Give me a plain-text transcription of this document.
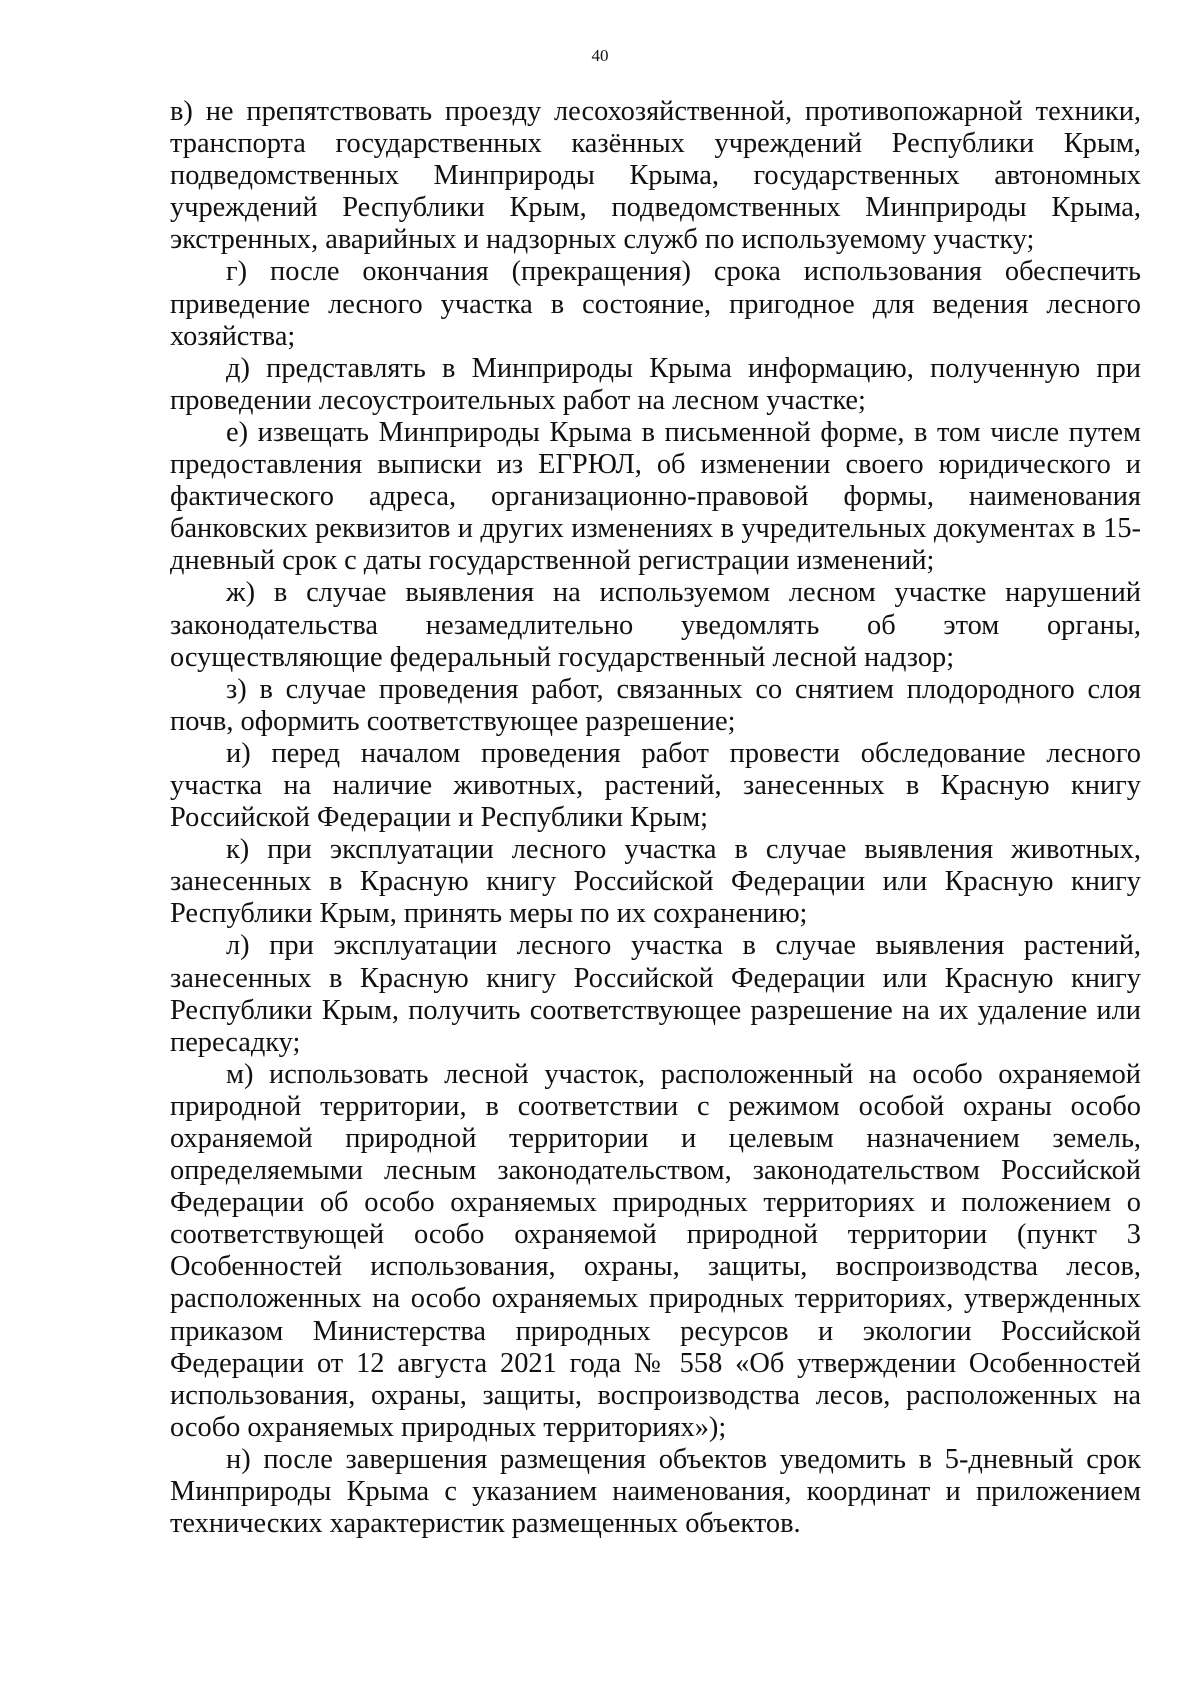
40

в) не препятствовать проезду лесохозяйственной, противопожарной техники, транспорта государственных казённых учреждений Республики Крым, подведомственных Минприроды Крыма, государственных автономных учреждений Республики Крым, подведомственных Минприроды Крыма, экстренных, аварийных и надзорных служб по используемому участку;

г) после окончания (прекращения) срока использования обеспечить приведение лесного участка в состояние, пригодное для ведения лесного хозяйства;

д) представлять в Минприроды Крыма информацию, полученную при проведении лесоустроительных работ на лесном участке;

е) извещать Минприроды Крыма в письменной форме, в том числе путем предоставления выписки из ЕГРЮЛ, об изменении своего юридического и фактического адреса, организационно-правовой формы, наименования банковских реквизитов и других изменениях в учредительных документах в 15-дневный срок с даты государственной регистрации изменений;

ж) в случае выявления на используемом лесном участке нарушений законодательства незамедлительно уведомлять об этом органы, осуществляющие федеральный государственный лесной надзор;

з) в случае проведения работ, связанных со снятием плодородного слоя почв, оформить соответствующее разрешение;

и) перед началом проведения работ провести обследование лесного участка на наличие животных, растений, занесенных в Красную книгу Российской Федерации и Республики Крым;

к) при эксплуатации лесного участка в случае выявления животных, занесенных в Красную книгу Российской Федерации или Красную книгу Республики Крым, принять меры по их сохранению;

л) при эксплуатации лесного участка в случае выявления растений, занесенных в Красную книгу Российской Федерации или Красную книгу Республики Крым, получить соответствующее разрешение на их удаление или пересадку;

м) использовать лесной участок, расположенный на особо охраняемой природной территории, в соответствии с режимом особой охраны особо охраняемой природной территории и целевым назначением земель, определяемыми лесным законодательством, законодательством Российской Федерации об особо охраняемых природных территориях и положением о соответствующей особо охраняемой природной территории (пункт 3 Особенностей использования, охраны, защиты, воспроизводства лесов, расположенных на особо охраняемых природных территориях, утвержденных приказом Министерства природных ресурсов и экологии Российской Федерации от 12 августа 2021 года № 558 «Об утверждении Особенностей использования, охраны, защиты, воспроизводства лесов, расположенных на особо охраняемых природных территориях»);

н) после завершения размещения объектов уведомить в 5-дневный срок Минприроды Крыма с указанием наименования, координат и приложением технических характеристик размещенных объектов.
